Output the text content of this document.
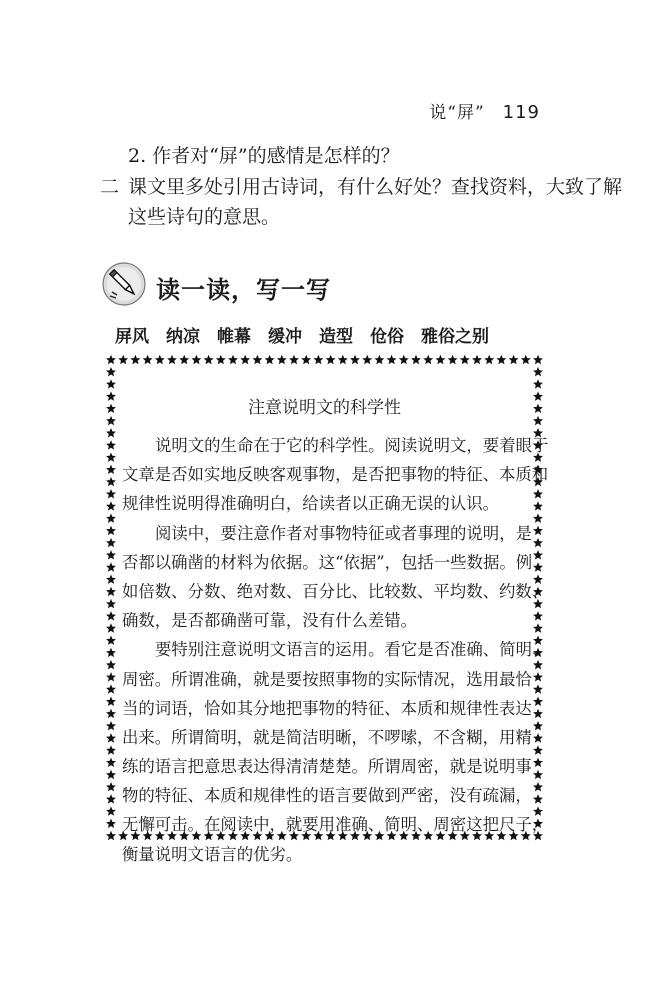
说“屏” 119
2. 作者对“屏”的感情是怎样的？
二 课文里多处引用古诗词，有什么好处？查找资料，大致了解
这些诗句的意思。
读一读，写一写
屏风 纳凉 帷幕 缓冲 造型 伧俗 雅俗之别
注意说明文的科学性
说明文的生命在于它的科学性。阅读说明文，要着眼于
文章是否如实地反映客观事物，是否把事物的特征、本质和
规律性说明得准确明白，给读者以正确无误的认识。
阅读中，要注意作者对事物特征或者事理的说明，是
否都以确凿的材料为依据。这“依据”，包括一些数据。例
如倍数、分数、绝对数、百分比、比较数、平均数、约数、
确数，是否都确凿可靠，没有什么差错。
要特别注意说明文语言的运用。看它是否准确、简明、
周密。所谓准确，就是要按照事物的实际情况，选用最恰
当的词语，恰如其分地把事物的特征、本质和规律性表达
出来。所谓简明，就是简洁明晰，不啰嗦，不含糊，用精
练的语言把意思表达得清清楚楚。所谓周密，就是说明事
物的特征、本质和规律性的语言要做到严密，没有疏漏，
无懈可击。在阅读中，就要用准确、简明、周密这把尺子，
衡量说明文语言的优劣。
